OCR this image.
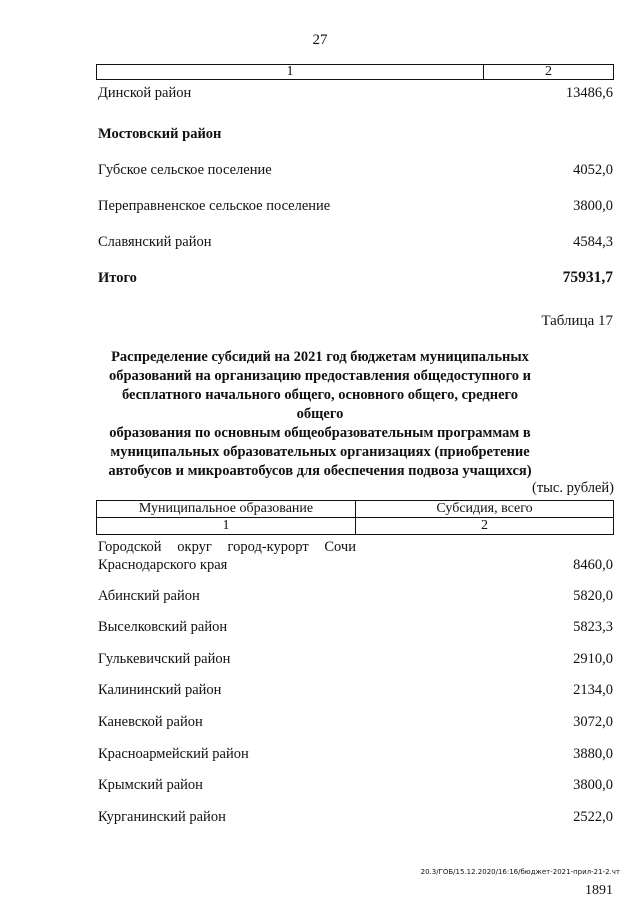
27
1	2
Динской район	13486,6
Мостовский район
Губское сельское поселение	4052,0
Переправненское сельское поселение	3800,0
Славянский район	4584,3
Итого	75931,7
Таблица 17
Распределение субсидий на 2021 год бюджетам муниципальных
образований на организацию предоставления общедоступного и
бесплатного начального общего, основного общего, среднего общего
образования по основным общеобразовательным программам в
муниципальных образовательных организациях (приобретение
автобусов и микроавтобусов для обеспечения подвоза учащихся)
(тыс. рублей)
Муниципальное образование	Субсидия, всего
1	2
Городской округ город-курорт Сочи
Краснодарского края	8460,0
Абинский район	5820,0
Выселковский район	5823,3
Гулькевичский район	2910,0
Калининский район	2134,0
Каневской район	3072,0
Красноармейский район	3880,0
Крымский район	3800,0
Курганинский район	2522,0
20.3/ГОБ/15.12.2020/16:16/бюджет-2021-прил-21-2.чт
1891
